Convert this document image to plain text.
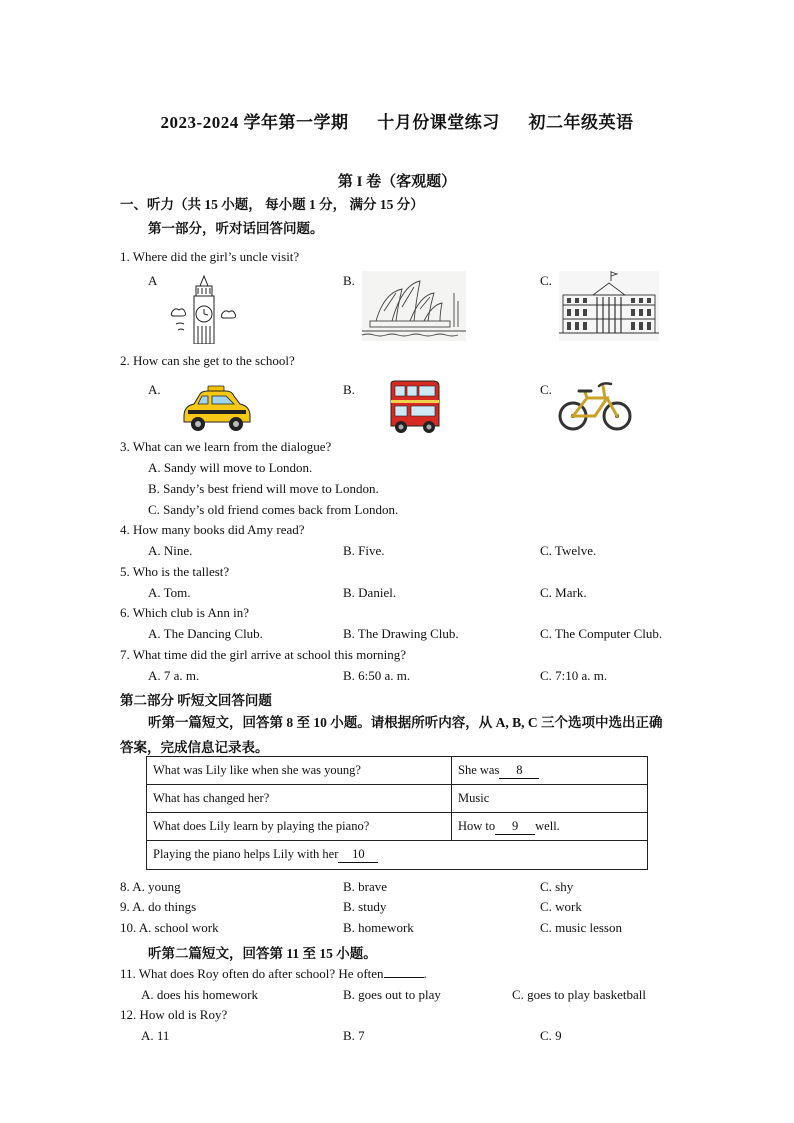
2023-2024 学年第一学期 十月份课堂练习 初二年级英语
第 I 卷（客观题）
一、听力（共 15 小题， 每小题 1 分， 满分 15 分）
第一部分，听对话回答问题。
1. Where did the girl’s uncle visit?
A	B.	C.
2. How can she get to the school?
A.	B.	C.
3. What can we learn from the dialogue?
A. Sandy will move to London.
B. Sandy’s best friend will move to London.
C. Sandy’s old friend comes back from London.
4. How many books did Amy read?
A. Nine.	B. Five.	C. Twelve.
5. Who is the tallest?
A. Tom.	B. Daniel.	C. Mark.
6. Which club is Ann in?
A. The Dancing Club.	B. The Drawing Club.	C. The Computer Club.
7. What time did the girl arrive at school this morning?
A. 7 a. m.	B. 6:50 a. m.	C. 7:10 a. m.
第二部分 听短文回答问题
听第一篇短文，回答第 8 至 10 小题。请根据所听内容，从 A, B, C 三个选项中选出正确
答案，完成信息记录表。
What was Lily like when she was young?	She was 8
What has changed her?	Music
What does Lily learn by playing the piano?	How to 9 well.
Playing the piano helps Lily with her 10	
8. A. young	B. brave	C. shy
9. A. do things	B. study	C. work
10. A. school work	B. homework	C. music lesson
听第二篇短文，回答第 11 至 15 小题。
11. What does Roy often do after school? He often	.
A. does his homework	B. goes out to play	C. goes to play basketball
12. How old is Roy?
A. 11	B. 7	C. 9
